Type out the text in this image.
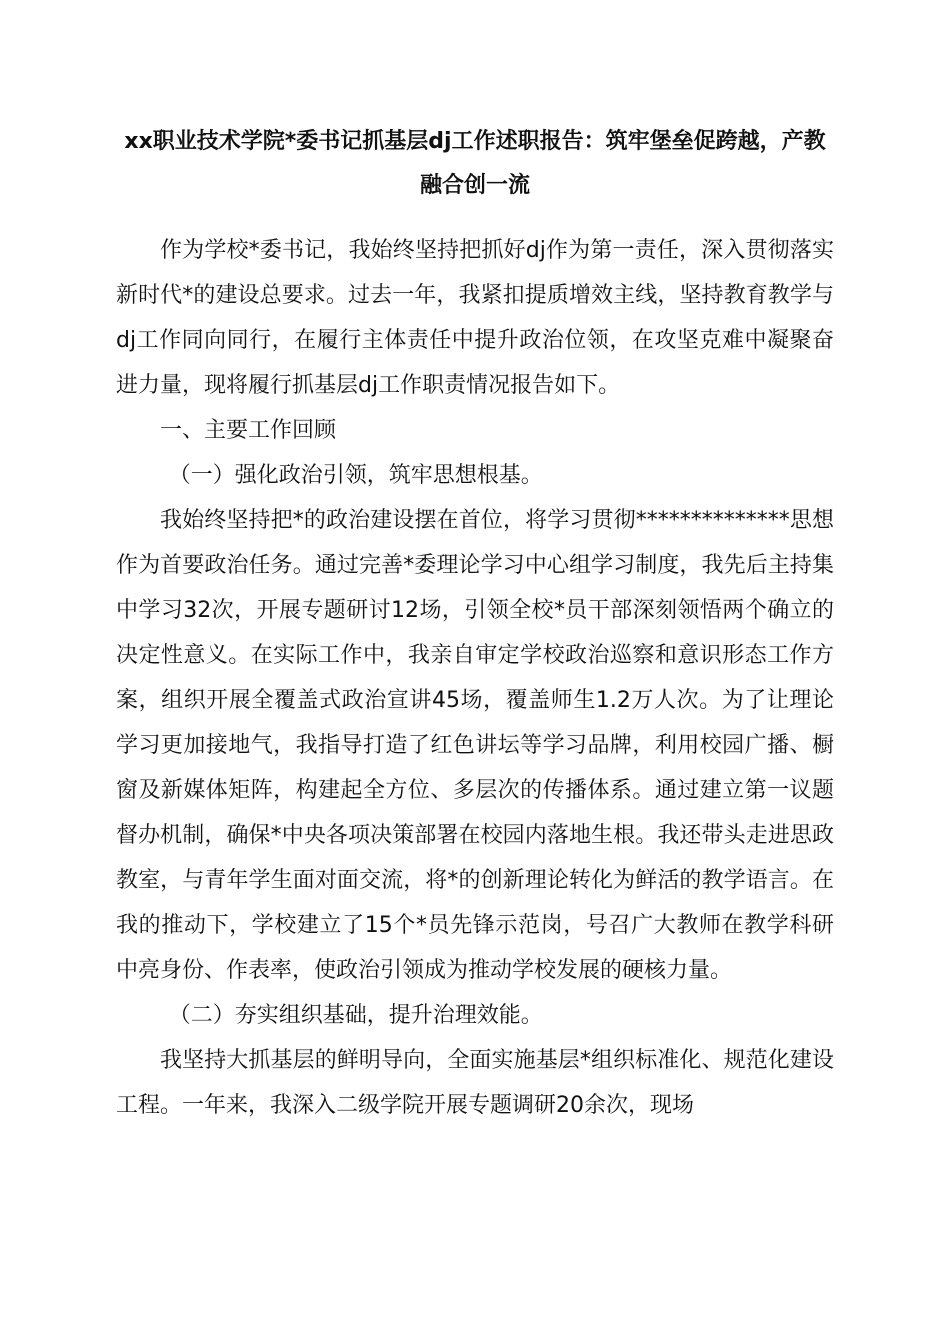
xx职业技术学院*委书记抓基层dj工作述职报告：筑牢堡垒促跨越，产教融合创一流

作为学校*委书记，我始终坚持把抓好dj作为第一责任，深入贯彻落实新时代*的建设总要求。过去一年，我紧扣提质增效主线，坚持教育教学与dj工作同向同行，在履行主体责任中提升政治位领，在攻坚克难中凝聚奋进力量，现将履行抓基层dj工作职责情况报告如下。

一、主要工作回顾

（一）强化政治引领，筑牢思想根基。

我始终坚持把*的政治建设摆在首位，将学习贯彻**************思想作为首要政治任务。通过完善*委理论学习中心组学习制度，我先后主持集中学习32次，开展专题研讨12场，引领全校*员干部深刻领悟两个确立的决定性意义。在实际工作中，我亲自审定学校政治巡察和意识形态工作方案，组织开展全覆盖式政治宣讲45场，覆盖师生1.2万人次。为了让理论学习更加接地气，我指导打造了红色讲坛等学习品牌，利用校园广播、橱窗及新媒体矩阵，构建起全方位、多层次的传播体系。通过建立第一议题督办机制，确保*中央各项决策部署在校园内落地生根。我还带头走进思政教室，与青年学生面对面交流，将*的创新理论转化为鲜活的教学语言。在我的推动下，学校建立了15个*员先锋示范岗，号召广大教师在教学科研中亮身份、作表率，使政治引领成为推动学校发展的硬核力量。

（二）夯实组织基础，提升治理效能。

我坚持大抓基层的鲜明导向，全面实施基层*组织标准化、规范化建设工程。一年来，我深入二级学院开展专题调研20余次，现场
